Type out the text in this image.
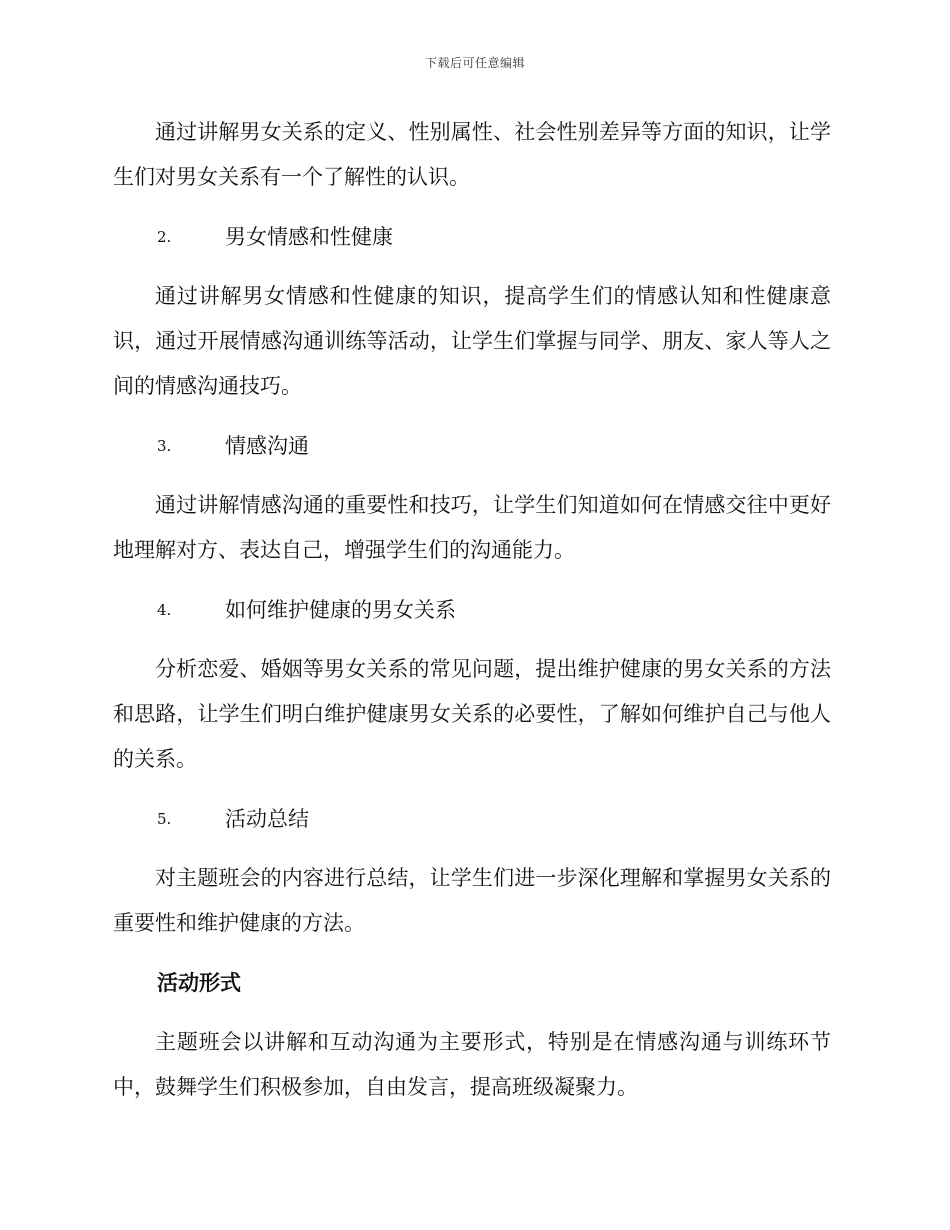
下载后可任意编辑

通过讲解男女关系的定义、性别属性、社会性别差异等方面的知识，让学生们对男女关系有一个了解性的认识。

2.	男女情感和性健康

通过讲解男女情感和性健康的知识，提高学生们的情感认知和性健康意识，通过开展情感沟通训练等活动，让学生们掌握与同学、朋友、家人等人之间的情感沟通技巧。

3.	情感沟通

通过讲解情感沟通的重要性和技巧，让学生们知道如何在情感交往中更好地理解对方、表达自己，增强学生们的沟通能力。

4.	如何维护健康的男女关系

分析恋爱、婚姻等男女关系的常见问题，提出维护健康的男女关系的方法和思路，让学生们明白维护健康男女关系的必要性，了解如何维护自己与他人的关系。

5.	活动总结

对主题班会的内容进行总结，让学生们进一步深化理解和掌握男女关系的重要性和维护健康的方法。

活动形式

主题班会以讲解和互动沟通为主要形式，特别是在情感沟通与训练环节中，鼓舞学生们积极参加，自由发言，提高班级凝聚力。
